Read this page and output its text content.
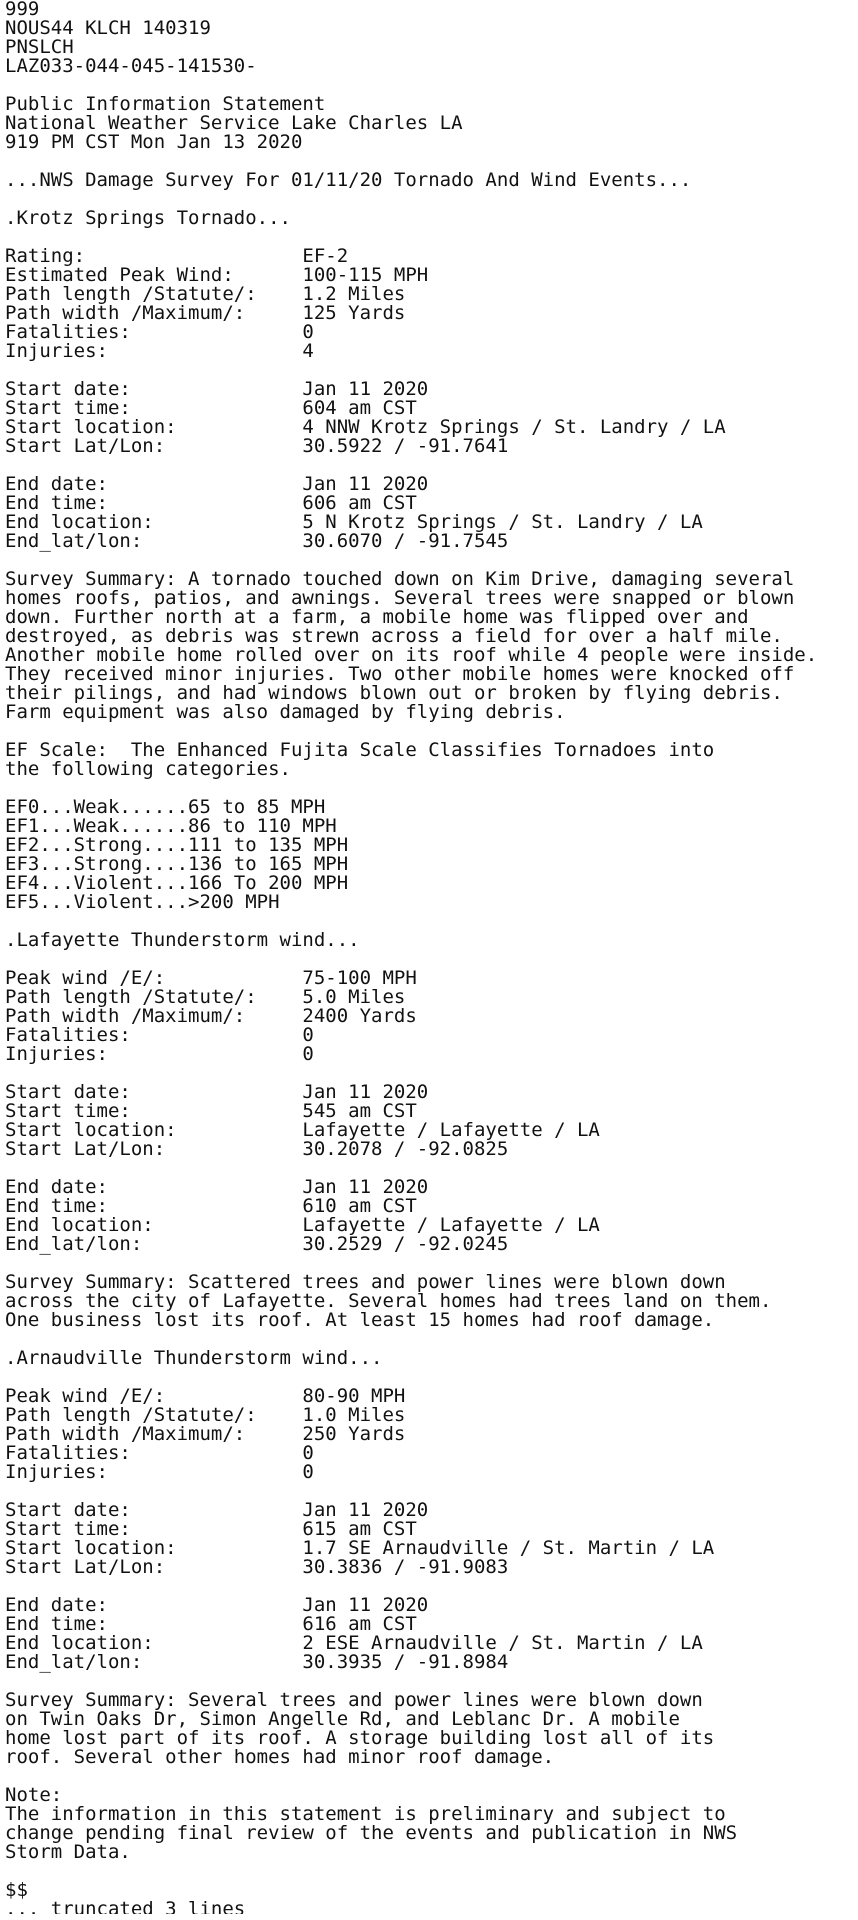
999
NOUS44 KLCH 140319
PNSLCH
LAZ033-044-045-141530-
Public Information Statement
National Weather Service Lake Charles LA
919 PM CST Mon Jan 13 2020
...NWS Damage Survey For 01/11/20 Tornado And Wind Events...
.Krotz Springs Tornado...
Rating:                   EF-2
Estimated Peak Wind:      100-115 MPH
Path length /Statute/:    1.2 Miles
Path width /Maximum/:     125 Yards
Fatalities:               0
Injuries:                 4
Start date:               Jan 11 2020
Start time:               604 am CST
Start location:           4 NNW Krotz Springs / St. Landry / LA
Start Lat/Lon:            30.5922 / -91.7641
End date:                 Jan 11 2020
End time:                 606 am CST
End location:             5 N Krotz Springs / St. Landry / LA
End_lat/lon:              30.6070 / -91.7545
Survey Summary: A tornado touched down on Kim Drive, damaging several
homes roofs, patios, and awnings. Several trees were snapped or blown
down. Further north at a farm, a mobile home was flipped over and
destroyed, as debris was strewn across a field for over a half mile.
Another mobile home rolled over on its roof while 4 people were inside.
They received minor injuries. Two other mobile homes were knocked off
their pilings, and had windows blown out or broken by flying debris.
Farm equipment was also damaged by flying debris.
EF Scale:  The Enhanced Fujita Scale Classifies Tornadoes into
the following categories.
EF0...Weak......65 to 85 MPH
EF1...Weak......86 to 110 MPH
EF2...Strong....111 to 135 MPH
EF3...Strong....136 to 165 MPH
EF4...Violent...166 To 200 MPH
EF5...Violent...>200 MPH
.Lafayette Thunderstorm wind...
Peak wind /E/:            75-100 MPH
Path length /Statute/:    5.0 Miles
Path width /Maximum/:     2400 Yards
Fatalities:               0
Injuries:                 0
Start date:               Jan 11 2020
Start time:               545 am CST
Start location:           Lafayette / Lafayette / LA
Start Lat/Lon:            30.2078 / -92.0825
End date:                 Jan 11 2020
End time:                 610 am CST
End location:             Lafayette / Lafayette / LA
End_lat/lon:              30.2529 / -92.0245
Survey Summary: Scattered trees and power lines were blown down
across the city of Lafayette. Several homes had trees land on them.
One business lost its roof. At least 15 homes had roof damage.
.Arnaudville Thunderstorm wind...
Peak wind /E/:            80-90 MPH
Path length /Statute/:    1.0 Miles
Path width /Maximum/:     250 Yards
Fatalities:               0
Injuries:                 0
Start date:               Jan 11 2020
Start time:               615 am CST
Start location:           1.7 SE Arnaudville / St. Martin / LA
Start Lat/Lon:            30.3836 / -91.9083
End date:                 Jan 11 2020
End time:                 616 am CST
End location:             2 ESE Arnaudville / St. Martin / LA
End_lat/lon:              30.3935 / -91.8984
Survey Summary: Several trees and power lines were blown down
on Twin Oaks Dr, Simon Angelle Rd, and Leblanc Dr. A mobile
home lost part of its roof. A storage building lost all of its
roof. Several other homes had minor roof damage.
Note:
The information in this statement is preliminary and subject to
change pending final review of the events and publication in NWS
Storm Data.
$$
... truncated 3 lines
